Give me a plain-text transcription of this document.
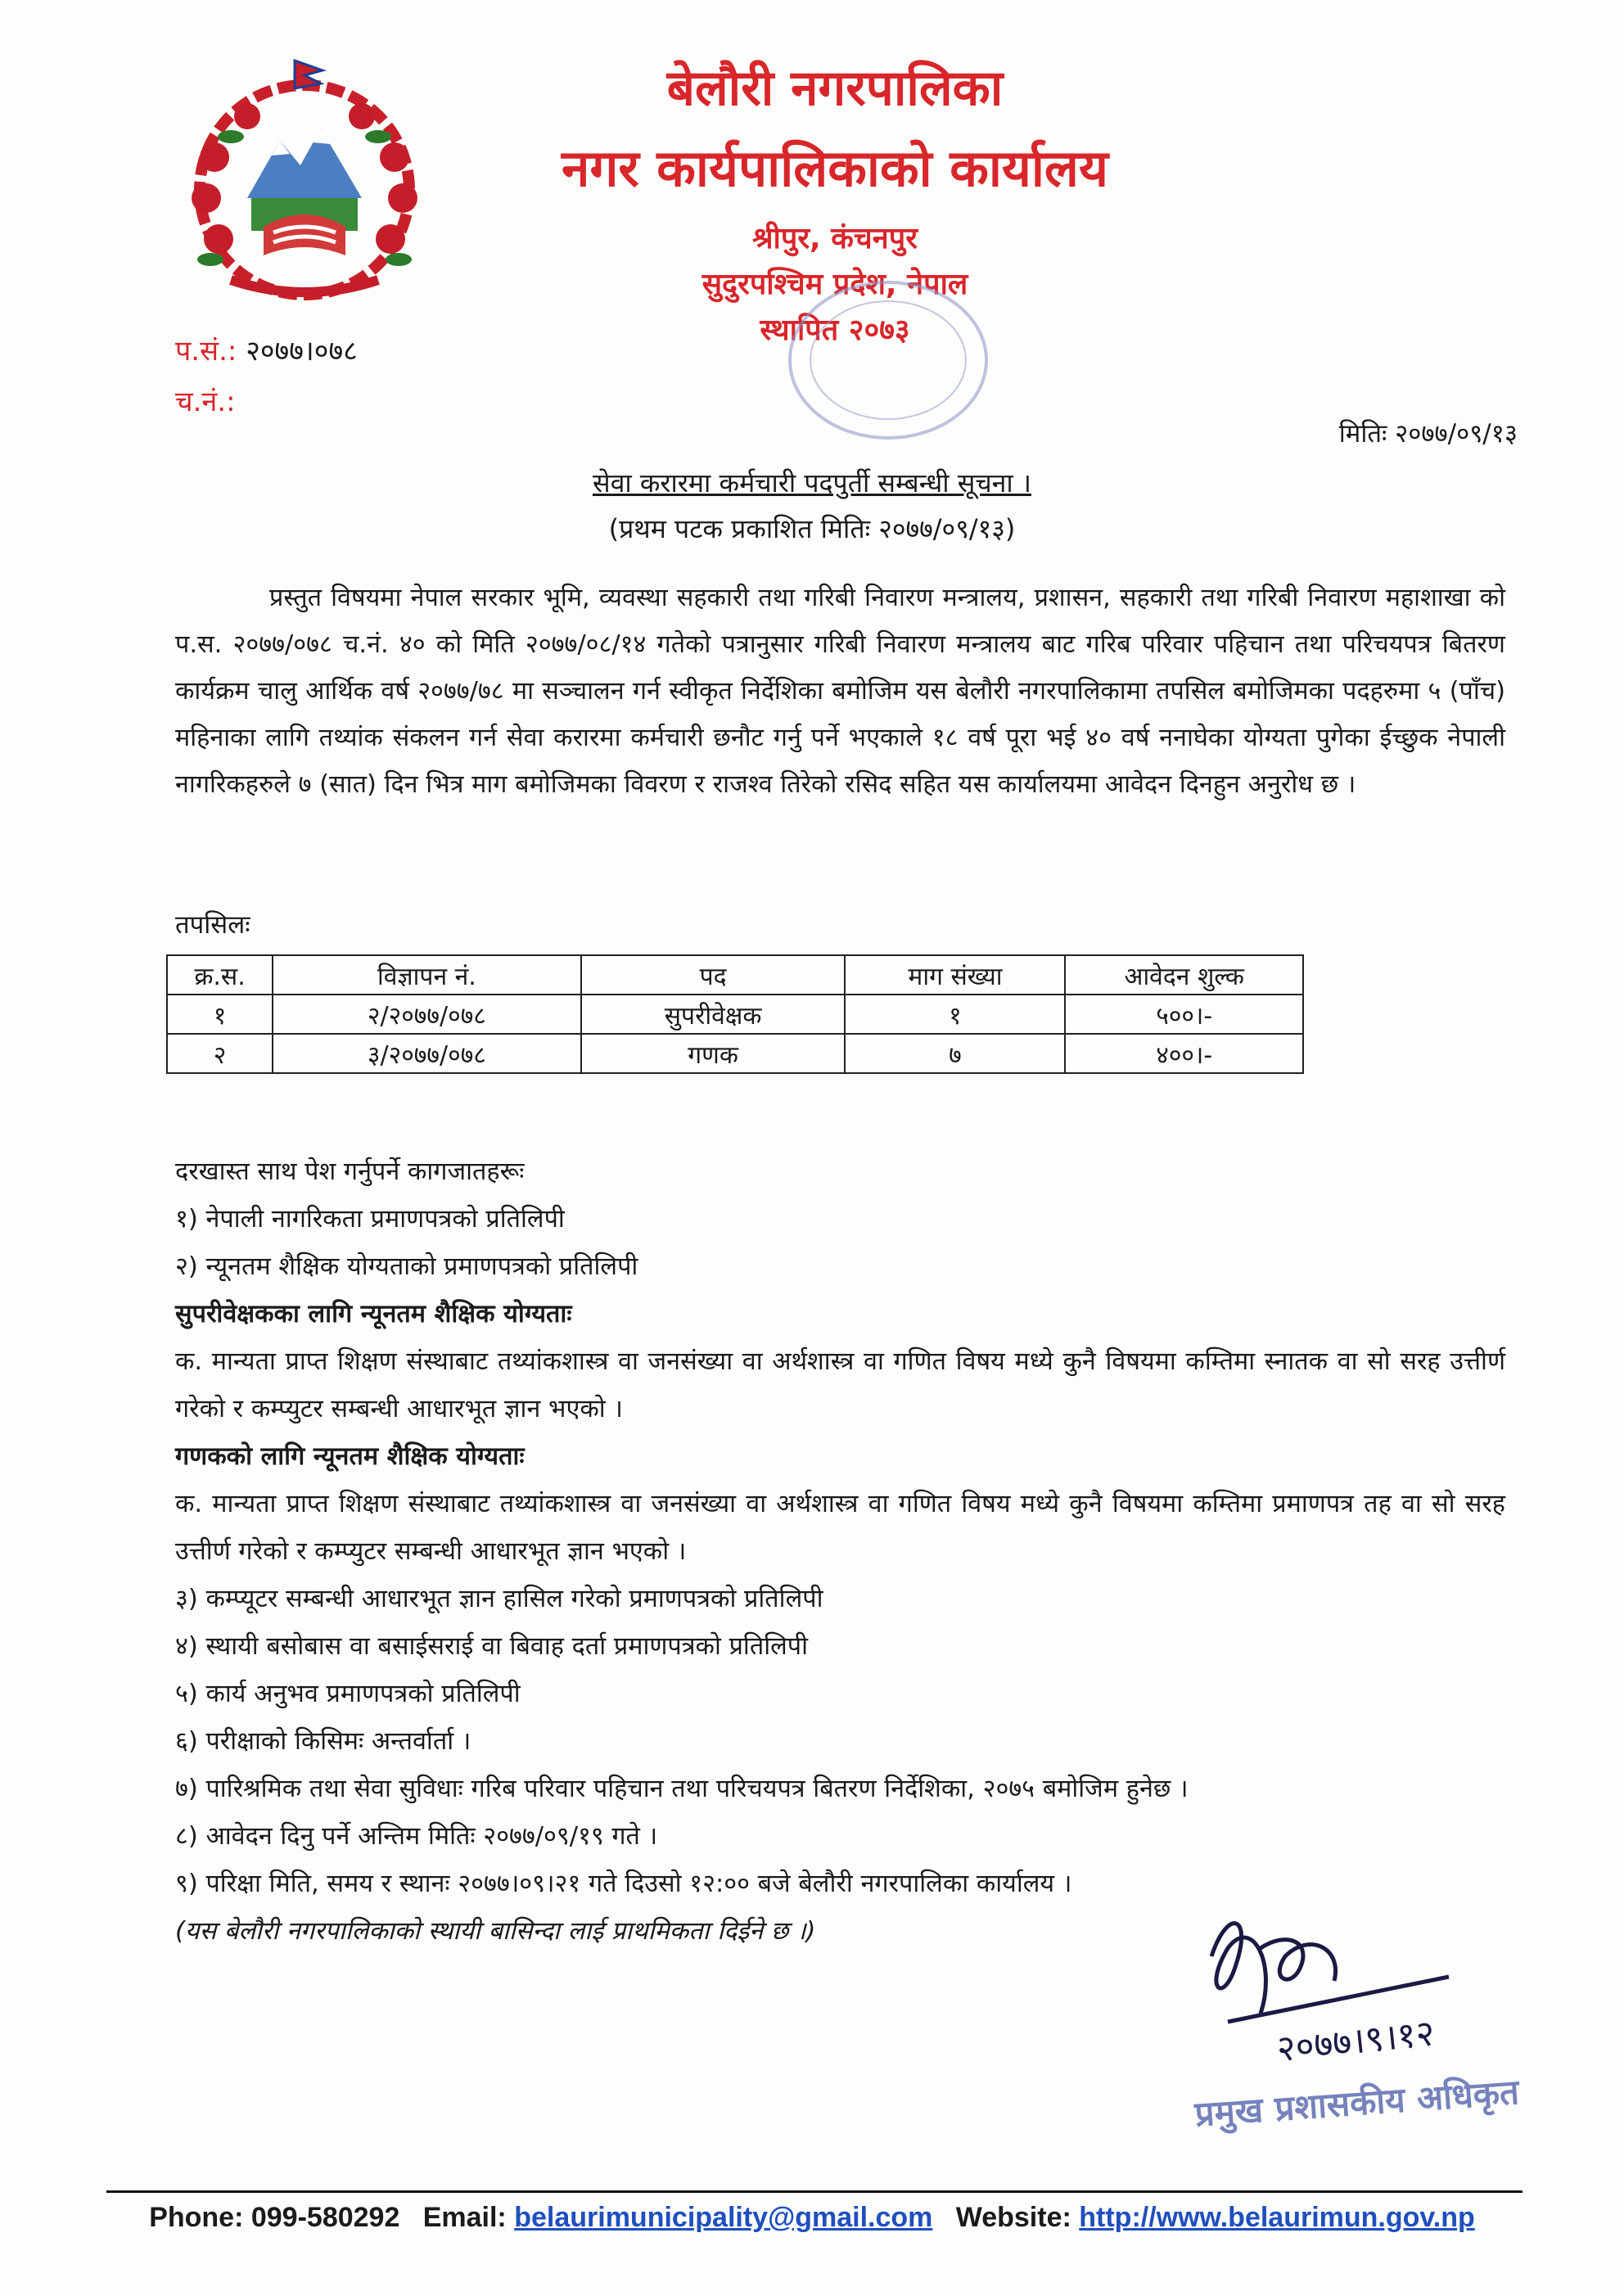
बेलौरी नगरपालिका
नगर कार्यपालिकाको कार्यालय
श्रीपुर, कंचनपुर
सुदुरपश्चिम प्रदेश, नेपाल
स्थापित २०७३
प.सं.: २०७७।०७८
च.नं.:
मितिः २०७७/०९/१३
सेवा करारमा कर्मचारी पदपुर्ती सम्बन्धी सूचना ।
(प्रथम पटक प्रकाशित मितिः २०७७/०९/१३)
प्रस्तुत विषयमा नेपाल सरकार भूमि, व्यवस्था सहकारी तथा गरिबी निवारण मन्त्रालय, प्रशासन, सहकारी तथा गरिबी निवारण महाशाखा को प.स. २०७७/०७८ च.नं. ४० को मिति २०७७/०८/१४ गतेको पत्रानुसार गरिबी निवारण मन्त्रालय बाट गरिब परिवार पहिचान तथा परिचयपत्र बितरण कार्यक्रम चालु आर्थिक वर्ष २०७७/७८ मा सञ्चालन गर्न स्वीकृत निर्देशिका बमोजिम यस बेलौरी नगरपालिकामा तपसिल बमोजिमका पदहरुमा ५ (पाँच) महिनाका लागि तथ्यांक संकलन गर्न सेवा करारमा कर्मचारी छनौट गर्नु पर्ने भएकाले १८ वर्ष पूरा भई ४० वर्ष ननाघेका योग्यता पुगेका ईच्छुक नेपाली नागरिकहरुले ७ (सात) दिन भित्र माग बमोजिमका विवरण र राजश्व तिरेको रसिद सहित यस कार्यालयमा आवेदन दिनहुन अनुरोध छ ।
तपसिलः
क्र.स.	विज्ञापन नं.	पद	माग संख्या	आवेदन शुल्क
१	२/२०७७/०७८	सुपरीवेक्षक	१	५००।-
२	३/२०७७/०७८	गणक	७	४००।-
दरखास्त साथ पेश गर्नुपर्ने कागजातहरूः
१) नेपाली नागरिकता प्रमाणपत्रको प्रतिलिपी
२) न्यूनतम शैक्षिक योग्यताको प्रमाणपत्रको प्रतिलिपी
सुपरीवेक्षकका लागि न्यूनतम शैक्षिक योग्यताः
क. मान्यता प्राप्त शिक्षण संस्थाबाट तथ्यांकशास्त्र वा जनसंख्या वा अर्थशास्त्र वा गणित विषय मध्ये कुनै विषयमा कम्तिमा स्नातक वा सो सरह उत्तीर्ण गरेको र कम्प्युटर सम्बन्धी आधारभूत ज्ञान भएको ।
गणकको लागि न्यूनतम शैक्षिक योग्यताः
क. मान्यता प्राप्त शिक्षण संस्थाबाट तथ्यांकशास्त्र वा जनसंख्या वा अर्थशास्त्र वा गणित विषय मध्ये कुनै विषयमा कम्तिमा प्रमाणपत्र तह वा सो सरह उत्तीर्ण गरेको र कम्प्युटर सम्बन्धी आधारभूत ज्ञान भएको ।
३) कम्प्यूटर सम्बन्धी आधारभूत ज्ञान हासिल गरेको प्रमाणपत्रको प्रतिलिपी
४) स्थायी बसोबास वा बसाईसराई वा बिवाह दर्ता प्रमाणपत्रको प्रतिलिपी
५) कार्य अनुभव प्रमाणपत्रको प्रतिलिपी
६) परीक्षाको किसिमः अन्तर्वार्ता ।
७) पारिश्रमिक तथा सेवा सुविधाः गरिब परिवार पहिचान तथा परिचयपत्र बितरण निर्देशिका, २०७५ बमोजिम हुनेछ ।
८) आवेदन दिनु पर्ने अन्तिम मितिः २०७७/०९/१९ गते ।
९) परिक्षा मिति, समय र स्थानः २०७७।०९।२१ गते दिउसो १२:०० बजे बेलौरी नगरपालिका कार्यालय ।
(यस बेलौरी नगरपालिकाको स्थायी बासिन्दा लाई प्राथमिकता दिईने छ ।)
२०७७।९।१२
प्रमुख प्रशासकीय अधिकृत
Phone: 099-580292 Email: belaurimunicipality@gmail.com Website: http://www.belaurimun.gov.np
